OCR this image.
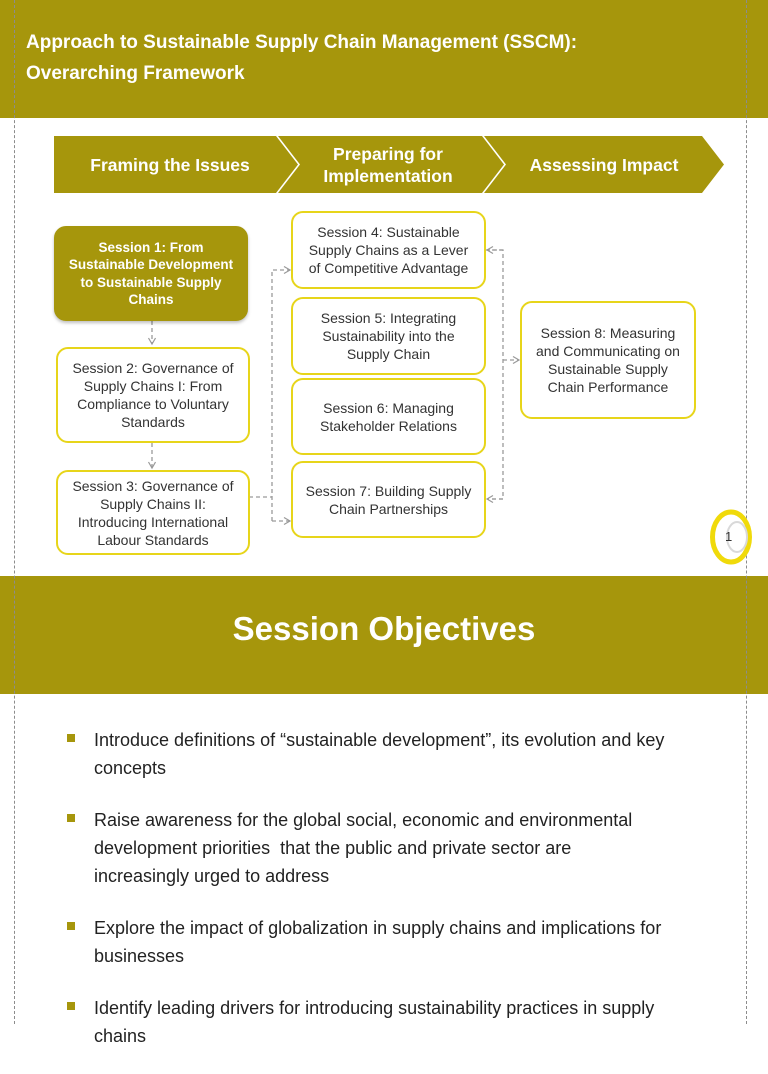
Approach to Sustainable Supply Chain Management (SSCM):
Overarching Framework
Framing the Issues
Preparing for
Implementation
Assessing Impact
Session 1: From
Sustainable Development
to Sustainable Supply
Chains
Session 2: Governance of
Supply Chains I: From
Compliance to Voluntary
Standards
Session 3: Governance of
Supply Chains II:
Introducing International
Labour Standards
Session 4: Sustainable
Supply Chains as a Lever
of Competitive Advantage
Session 5: Integrating
Sustainability into the
Supply Chain
Session 6: Managing
Stakeholder Relations
Session 7: Building Supply
Chain Partnerships
Session 8: Measuring
and Communicating on
Sustainable Supply
Chain Performance
1
Session Objectives
Introduce definitions of “sustainable development”, its evolution and key
concepts
Raise awareness for the global social, economic and environmental
development priorities  that the public and private sector are
increasingly urged to address
Explore the impact of globalization in supply chains and implications for
businesses
Identify leading drivers for introducing sustainability practices in supply
chains
